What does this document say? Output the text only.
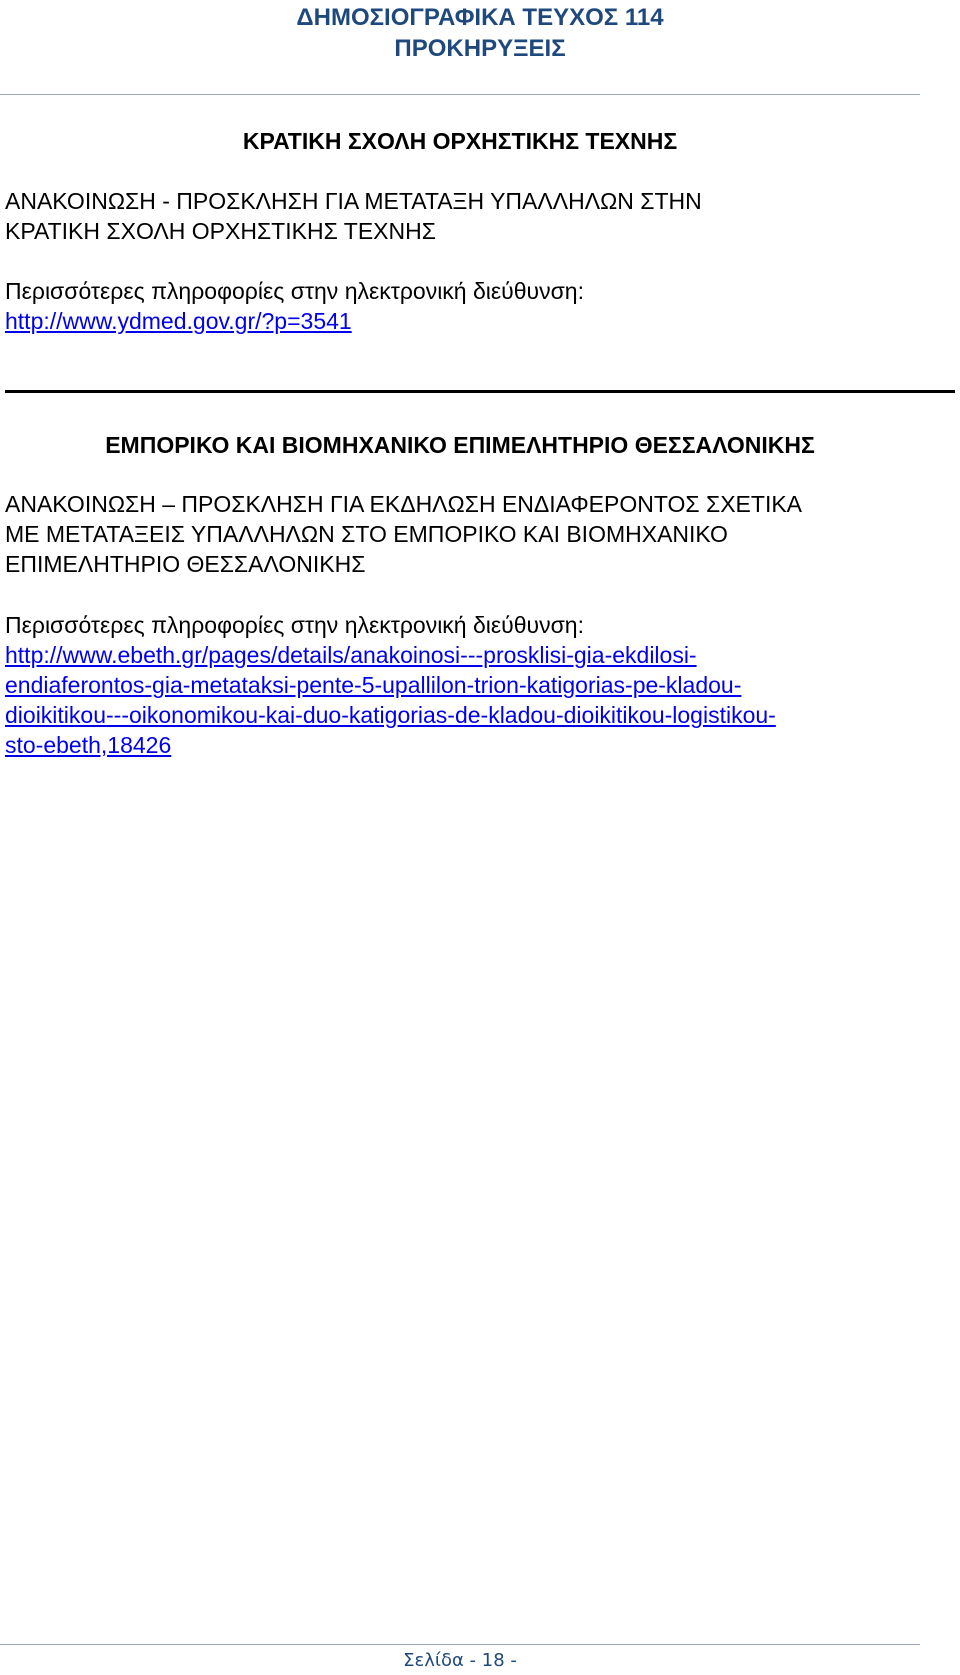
ΔΗΜΟΣΙΟΓΡΑΦΙΚΑ ΤΕΥΧΟΣ 114
ΠΡΟΚΗΡΥΞΕΙΣ
ΚΡΑΤΙΚΗ ΣΧΟΛΗ ΟΡΧΗΣΤΙΚΗΣ ΤΕΧΝΗΣ

ΑΝΑΚΟΙΝΩΣΗ - ΠΡΟΣΚΛΗΣΗ ΓΙΑ ΜΕΤΑΤΑΞΗ ΥΠΑΛΛΗΛΩΝ ΣΤΗΝ

ΚΡΑΤΙΚΗ ΣΧΟΛΗ ΟΡΧΗΣΤΙΚΗΣ ΤΕΧΝΗΣ

Περισσότερες πληροφορίες στην ηλεκτρονική διεύθυνση:

http://www.ydmed.gov.gr/?p=3541

ΕΜΠΟΡΙΚΟ ΚΑΙ ΒΙΟΜΗΧΑΝΙΚΟ ΕΠΙΜΕΛΗΤΗΡΙΟ ΘΕΣΣΑΛΟΝΙΚΗΣ

ΑΝΑΚΟΙΝΩΣΗ – ΠΡΟΣΚΛΗΣΗ ΓΙΑ ΕΚΔΗΛΩΣΗ ΕΝΔΙΑΦΕΡΟΝΤΟΣ ΣΧΕΤΙΚΑ

ΜΕ ΜΕΤΑΤΑΞΕΙΣ ΥΠΑΛΛΗΛΩΝ ΣΤΟ ΕΜΠΟΡΙΚΟ ΚΑΙ ΒΙΟΜΗΧΑΝΙΚΟ

ΕΠΙΜΕΛΗΤΗΡΙΟ ΘΕΣΣΑΛΟΝΙΚΗΣ

Περισσότερες πληροφορίες στην ηλεκτρονική διεύθυνση:

http://www.ebeth.gr/pages/details/anakoinosi---prosklisi-gia-ekdilosi-

endiaferontos-gia-metataksi-pente-5-upallilon-trion-katigorias-pe-kladou-

dioikitikou---oikonomikou-kai-duo-katigorias-de-kladou-dioikitikou-logistikou-

sto-ebeth,18426

Σελίδα - 18 -
